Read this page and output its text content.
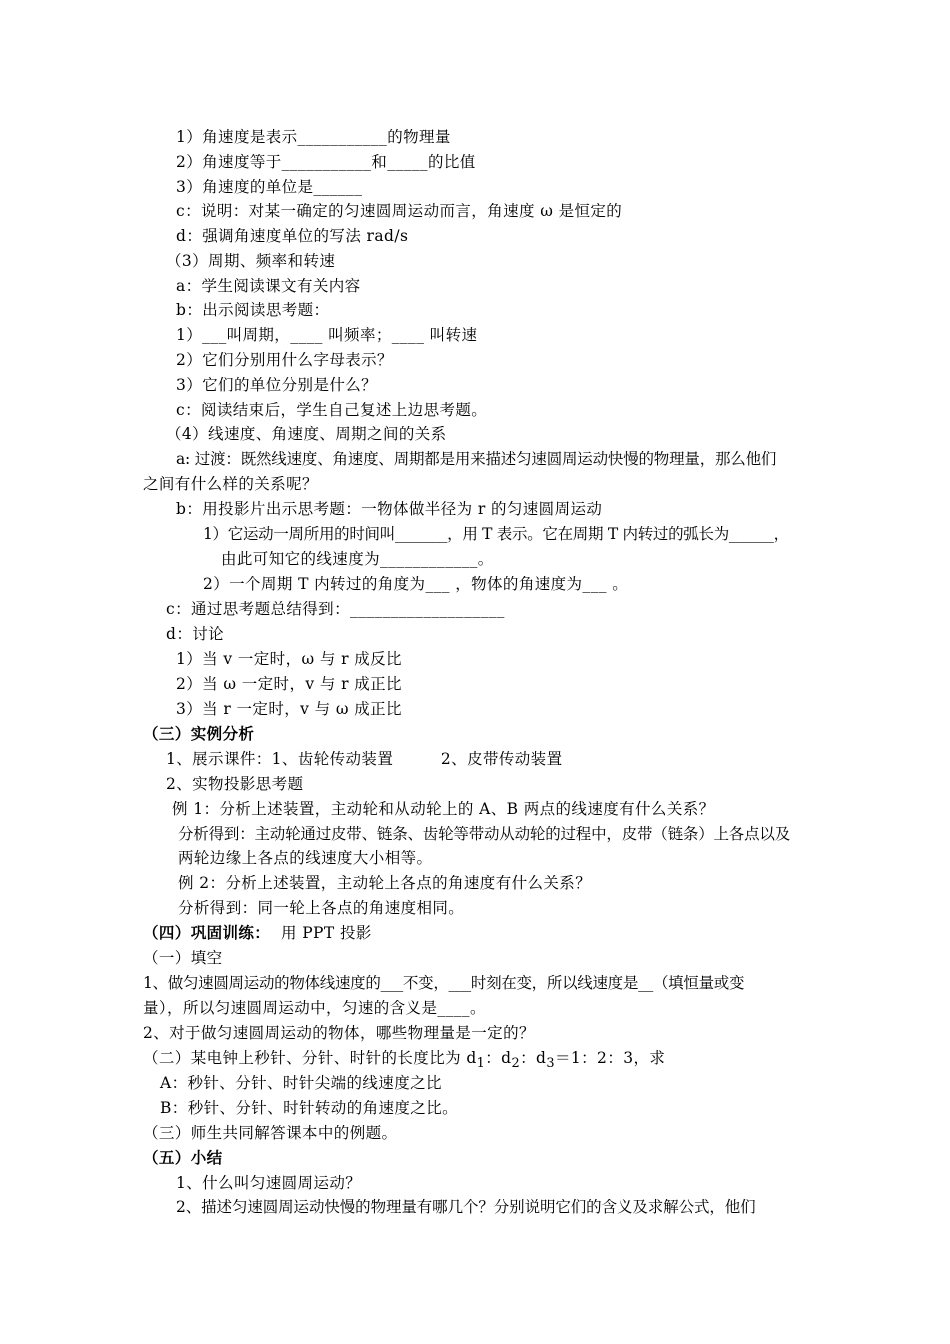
1）角速度是表示___________的物理量
2）角速度等于___________和_____的比值
3）角速度的单位是______
c：说明：对某一确定的匀速圆周运动而言，角速度 ω 是恒定的
d：强调角速度单位的写法 rad/s
（3）周期、频率和转速
a：学生阅读课文有关内容
b：出示阅读思考题：
1）___叫周期，____ 叫频率；____ 叫转速
2）它们分别用什么字母表示？
3）它们的单位分别是什么？
c：阅读结束后，学生自己复述上边思考题。
（4）线速度、角速度、周期之间的关系
a: 过渡：既然线速度、角速度、周期都是用来描述匀速圆周运动快慢的物理量，那么他们
之间有什么样的关系呢？
b：用投影片出示思考题：一物体做半径为 r 的匀速圆周运动
1）它运动一周所用的时间叫_______，用 T 表示。它在周期 T 内转过的弧长为______，
由此可知它的线速度为____________。
2）一个周期 T 内转过的角度为___ ，物体的角速度为___ 。
c：通过思考题总结得到：___________________
d：讨论
1）当 v 一定时，ω 与 r 成反比
2）当 ω 一定时，v 与 r 成正比
3）当 r 一定时，v 与 ω 成正比
（三）实例分析
1、展示课件：1、齿轮传动装置　　　2、皮带传动装置
2、实物投影思考题
例 1：分析上述装置，主动轮和从动轮上的 A、B 两点的线速度有什么关系？
分析得到：主动轮通过皮带、链条、齿轮等带动从动轮的过程中，皮带（链条）上各点以及
两轮边缘上各点的线速度大小相等。
例 2：分析上述装置，主动轮上各点的角速度有什么关系？
分析得到：同一轮上各点的角速度相同。
（四）巩固训练： 用 PPT 投影
（一）填空
1、做匀速圆周运动的物体线速度的___不变，___时刻在变，所以线速度是__（填恒量或变
量），所以匀速圆周运动中，匀速的含义是____。
2、对于做匀速圆周运动的物体，哪些物理量是一定的？
（二）某电钟上秒针、分针、时针的长度比为 $d_1$：$d_2$：$d_3=1$：2：3，求
A：秒针、分针、时针尖端的线速度之比
B：秒针、分针、时针转动的角速度之比。
（三）师生共同解答课本中的例题。
（五）小结
1、什么叫匀速圆周运动？
2、描述匀速圆周运动快慢的物理量有哪几个？分别说明它们的含义及求解公式，他们
